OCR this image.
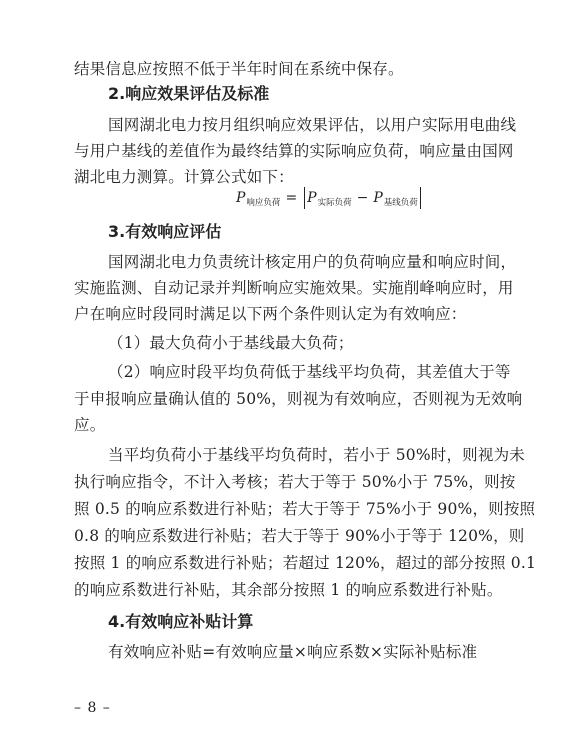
结果信息应按照不低于半年时间在系统中保存。
2.响应效果评估及标准
国网湖北电力按月组织响应效果评估，以用户实际用电曲线
与用户基线的差值作为最终结算的实际响应负荷，响应量由国网
湖北电力测算。计算公式如下：
P 响应负荷 = P 实际负荷 − P 基线负荷
3.有效响应评估
国网湖北电力负责统计核定用户的负荷响应量和响应时间，
实施监测、自动记录并判断响应实施效果。实施削峰响应时，用
户在响应时段同时满足以下两个条件则认定为有效响应：
（1）最大负荷小于基线最大负荷；
（2）响应时段平均负荷低于基线平均负荷，其差值大于等
于申报响应量确认值的 50%，则视为有效响应，否则视为无效响
应。
当平均负荷小于基线平均负荷时，若小于 50%时，则视为未
执行响应指令，不计入考核；若大于等于 50%小于 75%，则按
照 0.5 的响应系数进行补贴；若大于等于 75%小于 90%，则按照
0.8 的响应系数进行补贴；若大于等于 90%小于等于 120%，则
按照 1 的响应系数进行补贴；若超过 120%，超过的部分按照 0.1
的响应系数进行补贴，其余部分按照 1 的响应系数进行补贴。
4.有效响应补贴计算
有效响应补贴=有效响应量×响应系数×实际补贴标准
– 8 –
